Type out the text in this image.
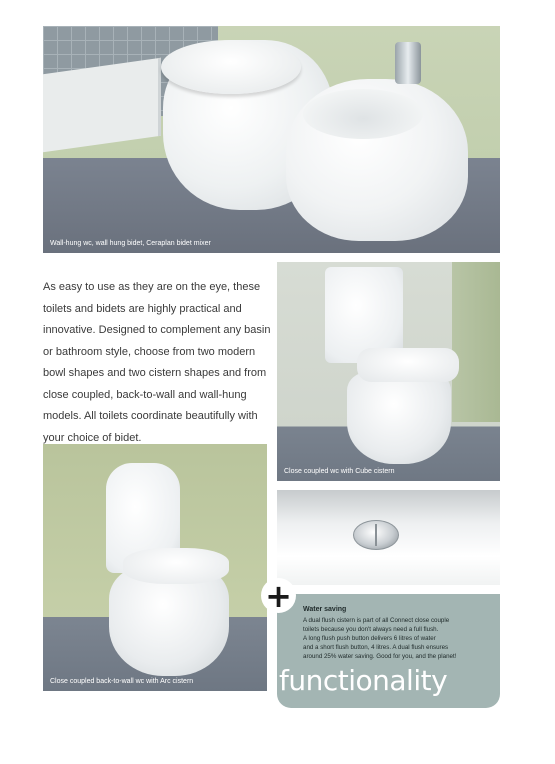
Wall-hung wc, wall hung bidet, Ceraplan bidet mixer
As easy to use as they are on the eye, these
toilets and bidets are highly practical and
innovative. Designed to complement any basin
or bathroom style, choose from two modern
bowl shapes and two cistern shapes and from
close coupled, back-to-wall and wall-hung
models. All toilets coordinate beautifully with
your choice of bidet.
Close coupled wc with Cube cistern
Close coupled back-to-wall wc with Arc cistern
Water saving
A dual flush cistern is part of all Connect close couple
toilets because you don't always need a full flush.
A long flush push button delivers 6 litres of water
and a short flush button, 4 litres. A dual flush ensures
around 25% water saving. Good for you, and the planet!
functionality
+
